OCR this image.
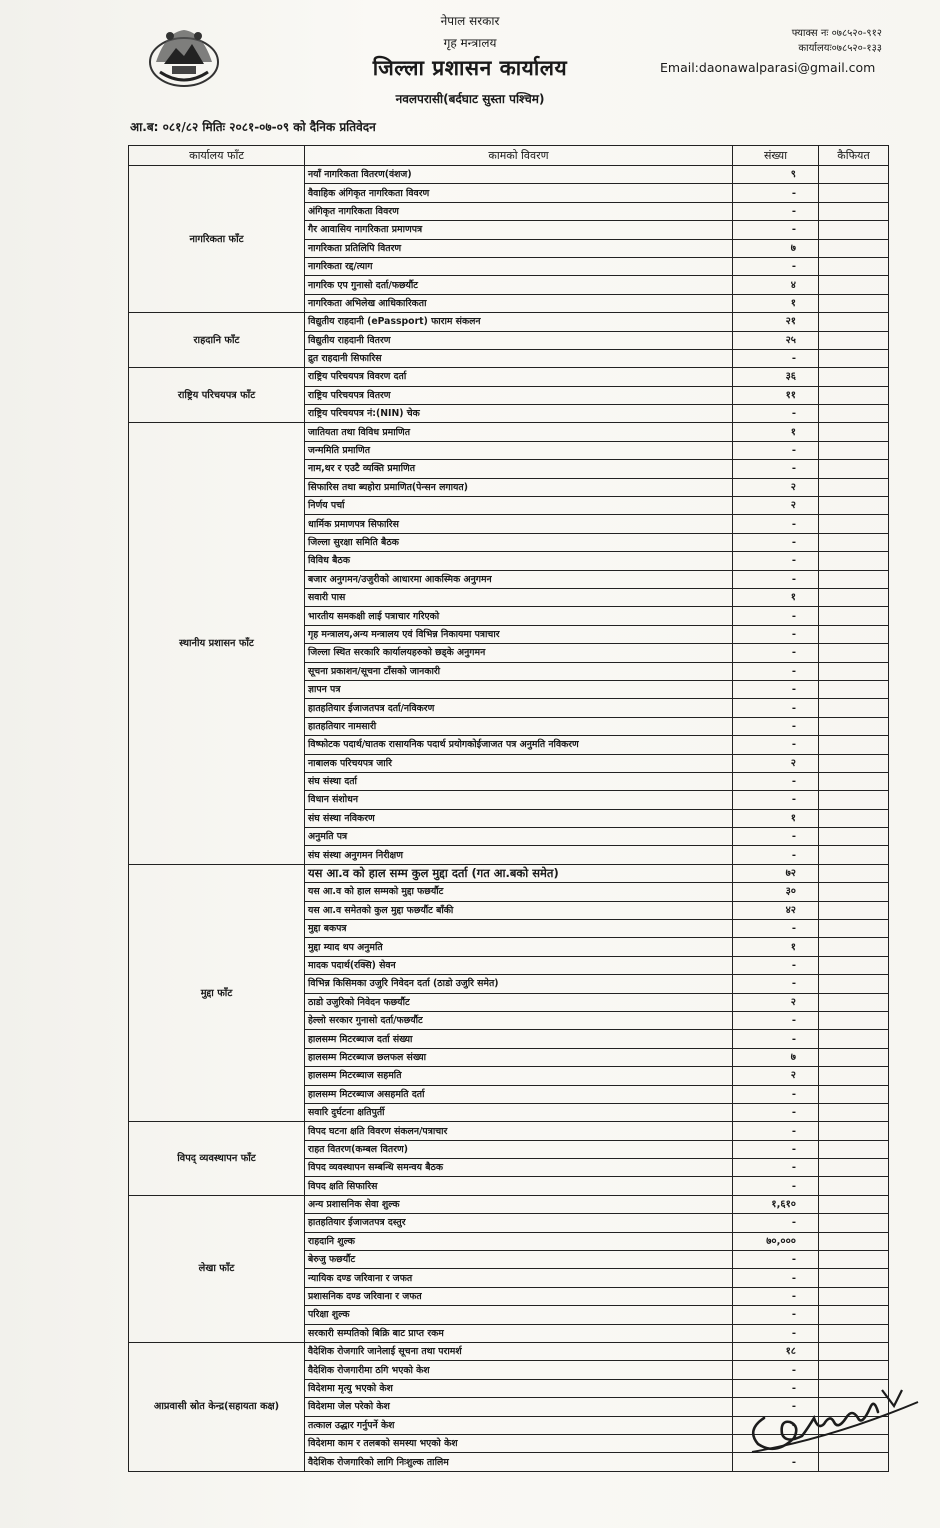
नेपाल सरकार
गृह मन्त्रालय
जिल्ला प्रशासन कार्यालय
नवलपरासी(बर्दघाट सुस्ता पश्चिम)
फ्याक्स नः ०७८५२०-९१२
कार्यालयः०७८५२०-१३३
Email:daonawalparasi@gmail.com
आ.ब: ०८१/८२ मितिः २०८१-०७-०९ को दैनिक प्रतिवेदन
कार्यालय फाँट	कामको विवरण	संख्या	कैफियत
नागरिकता फाँट	नयाँ नागरिकता वितरण(वंशज)	९	
	वैवाहिक अंगिकृत नागरिकता विवरण	-	
	अंगिकृत नागरिकता विवरण	-	
	गैर आवासिय नागरिकता प्रमाणपत्र	-	
	नागरिकता प्रतिलिपि वितरण	७	
	नागरिकता रद्द/त्याग	-	
	नागरिक एप गुनासो दर्ता/फछर्यौट	४	
	नागरिकता अभिलेख आधिकारिकता	१	
राहदानि फाँट	विद्युतीय राहदानी (ePassport) फाराम संकलन	२१	
	विद्युतीय राहदानी वितरण	२५	
	द्रुत राहदानी सिफारिस	-	
राष्ट्रिय परिचयपत्र फाँट	राष्ट्रिय परिचयपत्र विवरण दर्ता	३६	
	राष्ट्रिय परिचयपत्र वितरण	११	
	राष्ट्रिय परिचयपत्र नं:(NIN) चेक	-	
स्थानीय प्रशासन फाँट	जातियता तथा विविध प्रमाणित	१	
	जन्ममिति प्रमाणित	-	
	नाम,थर र एउटै व्यक्ति प्रमाणित	-	
	सिफारिस तथा ब्यहोरा प्रमाणित(पेन्सन लगायत)	२	
	निर्णय पर्चा	२	
	धार्मिक प्रमाणपत्र सिफारिस	-	
	जिल्ला सुरक्षा समिति बैठक	-	
	विविध बैठक	-	
	बजार अनुगमन/उजुरीको आधारमा आकस्मिक अनुगमन	-	
	सवारी पास	१	
	भारतीय समकक्षी लाई पत्राचार गरिएको	-	
	गृह मन्त्रालय,अन्य मन्त्रालय एवं विभिन्न निकायमा पत्राचार	-	
	जिल्ला स्थित सरकारि कार्यालयहरुको छड्के अनुगमन	-	
	सूचना प्रकाशन/सूचना टाँसको जानकारी	-	
	ज्ञापन पत्र	-	
	हातहतियार ईजाजतपत्र दर्ता/नविकरण	-	
	हातहतियार नामसारी	-	
	विष्फोटक पदार्थ/घातक रासायनिक पदार्थ प्रयोगकोईजाजत पत्र अनुमति नविकरण	-	
	नाबालक परिचयपत्र जारि	२	
	संघ संस्था दर्ता	-	
	विधान संशोधन	-	
	संघ संस्था नविकरण	१	
	अनुमति पत्र	-	
	संघ संस्था अनुगमन निरीक्षण	-	
मुद्दा फाँट	यस आ.व को हाल सम्म कुल मुद्दा दर्ता (गत आ.बको समेत)	७२	
	यस आ.व को हाल सम्मको मुद्दा फछर्यौट	३०	
	यस आ.व समेतको कुल मुद्दा फछर्यौट बाँकी	४२	
	मुद्दा बकपत्र	-	
	मुद्दा म्याद थप अनुमति	१	
	मादक पदार्थ(रक्सि) सेवन	-	
	विभिन्न किसिमका उजुरि निवेदन दर्ता (ठाडो उजुरि समेत)	-	
	ठाडो उजुरिको निवेदन फछर्यौट	२	
	हेल्लो सरकार गुनासो दर्ता/फछर्यौट	-	
	हालसम्म मिटरब्याज दर्ता संख्या	-	
	हालसम्म मिटरब्याज छलफल संख्या	७	
	हालसम्म मिटरब्याज सहमति	२	
	हालसम्म मिटरब्याज असहमति दर्ता	-	
	सवारि दुर्घटना क्षतिपुर्ती	-	
विपद् व्यवस्थापन फाँट	विपद घटना क्षति विवरण संकलन/पत्राचार	-	
	राहत वितरण(कम्बल वितरण)	-	
	विपद व्यवस्थापन सम्बन्धि समन्वय बैठक	-	
	विपद क्षति सिफारिस	-	
लेखा फाँट	अन्य प्रशासनिक सेवा शुल्क	१,६१०	
	हातहतियार ईजाजतपत्र दस्तुर	-	
	राहदानि शुल्क	७०,०००	
	बेरुजु फछर्यौट	-	
	न्यायिक दण्ड जरिवाना र जफत	-	
	प्रशासनिक दण्ड जरिवाना र जफत	-	
	परिक्षा शुल्क	-	
	सरकारी सम्पतिको बिक्रि बाट प्राप्त रकम	-	
आप्रवासी स्रोत केन्द्र(सहायता कक्ष)	वैदेशिक रोजगारि जानेलाई सूचना तथा परामर्श	१८	
	वैदेशिक रोजगारीमा ठगि भएको केश	-	
	विदेशमा मृत्यु भएको केश	-	
	विदेशमा जेल परेको केश	-	
	तत्काल उद्धार गर्नुपर्ने केश	-	
	विदेशमा काम र तलबको समस्या भएको केश	-	
	वैदेशिक रोजगारिको लागि निःशुल्क तालिम	-	
